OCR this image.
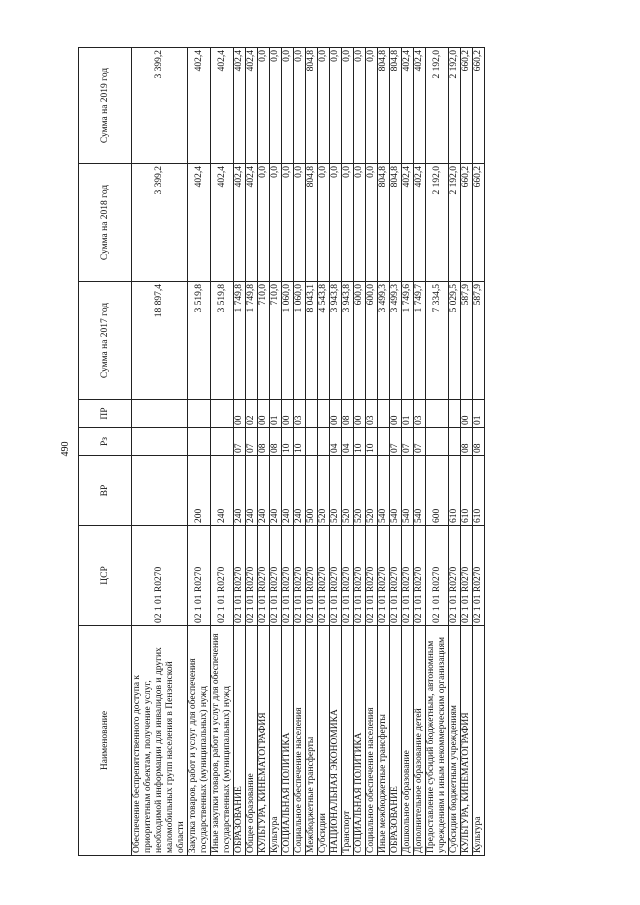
490
Наименование	ЦСР	ВР	Рз	ПР	Сумма на 2017 год	Сумма на 2018 год	Сумма на 2019 год
Обеспечение беспрепятственного доступа к приоритетным объектам, получение услуг, необходимой информации для инвалидов и других маломобильных групп населения в Пензенской области	02 1 01 R0270				18 897,4	3 399,2	3 399,2
Закупка товаров, работ и услуг для обеспечения государственных (муниципальных) нужд	02 1 01 R0270	200			3 519,8	402,4	402,4
Иные закупки товаров, работ и услуг для обеспечения государственных (муниципальных) нужд	02 1 01 R0270	240			3 519,8	402,4	402,4
ОБРАЗОВАНИЕ	02 1 01 R0270	240	07	00	1 749,8	402,4	402,4
Общее образование	02 1 01 R0270	240	07	02	1 749,8	402,4	402,4
КУЛЬТУРА, КИНЕМАТОГРАФИЯ	02 1 01 R0270	240	08	00	710,0	0,0	0,0
Культура	02 1 01 R0270	240	08	01	710,0	0,0	0,0
СОЦИАЛЬНАЯ ПОЛИТИКА	02 1 01 R0270	240	10	00	1 060,0	0,0	0,0
Социальное обеспечение населения	02 1 01 R0270	240	10	03	1 060,0	0,0	0,0
Межбюджетные трансферты	02 1 01 R0270	500			8 043,1	804,8	804,8
Субсидии	02 1 01 R0270	520			4 543,8	0,0	0,0
НАЦИОНАЛЬНАЯ ЭКОНОМИКА	02 1 01 R0270	520	04	00	3 943,8	0,0	0,0
Транспорт	02 1 01 R0270	520	04	08	3 943,8	0,0	0,0
СОЦИАЛЬНАЯ ПОЛИТИКА	02 1 01 R0270	520	10	00	600,0	0,0	0,0
Социальное обеспечение населения	02 1 01 R0270	520	10	03	600,0	0,0	0,0
Иные межбюджетные трансферты	02 1 01 R0270	540			3 499,3	804,8	804,8
ОБРАЗОВАНИЕ	02 1 01 R0270	540	07	00	3 499,3	804,8	804,8
Дошкольное образование	02 1 01 R0270	540	07	01	1 749,6	402,4	402,4
Дополнительное образование детей	02 1 01 R0270	540	07	03	1 749,7	402,4	402,4
Предоставление субсидий бюджетным, автономным учреждениям и иным некоммерческим организациям	02 1 01 R0270	600			7 334,5	2 192,0	2 192,0
Субсидии бюджетным учреждениям	02 1 01 R0270	610			5 029,5	2 192,0	2 192,0
КУЛЬТУРА, КИНЕМАТОГРАФИЯ	02 1 01 R0270	610	08	00	587,9	660,2	660,2
Культура	02 1 01 R0270	610	08	01	587,9	660,2	660,2
